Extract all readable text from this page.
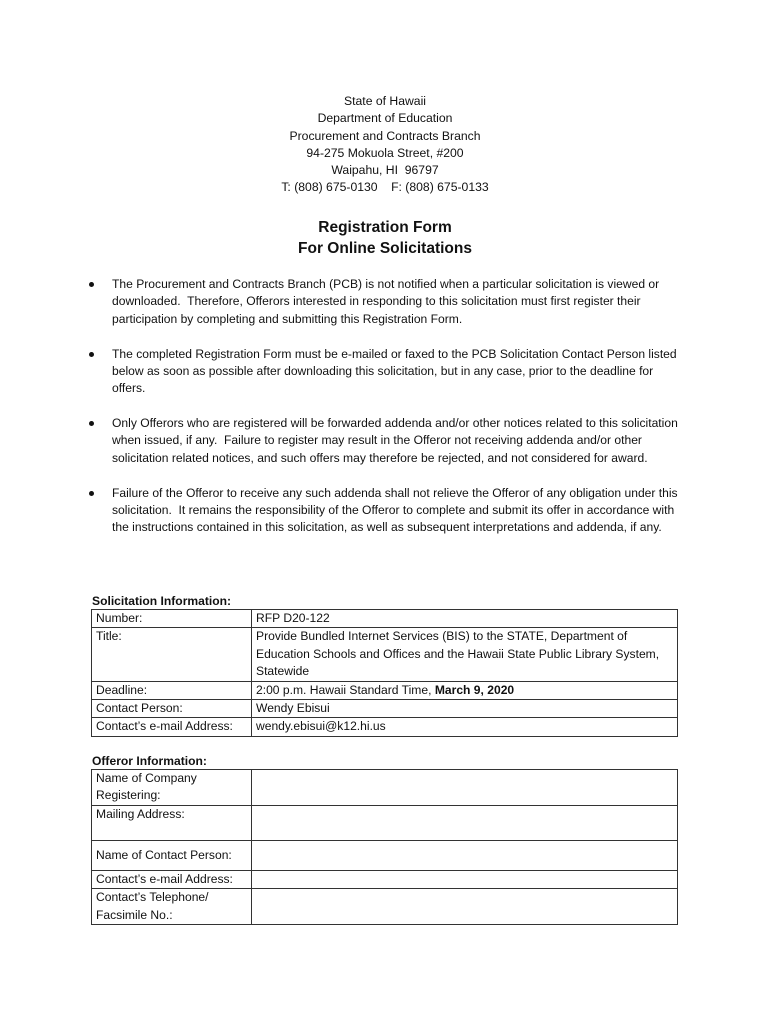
State of Hawaii
Department of Education
Procurement and Contracts Branch
94-275 Mokuola Street, #200
Waipahu, HI  96797
T: (808) 675-0130    F: (808) 675-0133
Registration Form
For Online Solicitations
The Procurement and Contracts Branch (PCB) is not notified when a particular solicitation is viewed or downloaded.  Therefore, Offerors interested in responding to this solicitation must first register their participation by completing and submitting this Registration Form.
The completed Registration Form must be e-mailed or faxed to the PCB Solicitation Contact Person listed below as soon as possible after downloading this solicitation, but in any case, prior to the deadline for offers.
Only Offerors who are registered will be forwarded addenda and/or other notices related to this solicitation when issued, if any.  Failure to register may result in the Offeror not receiving addenda and/or other solicitation related notices, and such offers may therefore be rejected, and not considered for award.
Failure of the Offeror to receive any such addenda shall not relieve the Offeror of any obligation under this solicitation.  It remains the responsibility of the Offeror to complete and submit its offer in accordance with the instructions contained in this solicitation, as well as subsequent interpretations and addenda, if any.
Solicitation Information:
Number:	RFP D20-122
Title:	Provide Bundled Internet Services (BIS) to the STATE, Department of Education Schools and Offices and the Hawaii State Public Library System, Statewide
Deadline:	2:00 p.m. Hawaii Standard Time, March 9, 2020
Contact Person:	Wendy Ebisui
Contact’s e-mail Address:	wendy.ebisui@k12.hi.us
Offeror Information:
Name of Company Registering:	
Mailing Address:	
Name of Contact Person:	
Contact’s e-mail Address:	
Contact’s Telephone/ Facsimile No.:	
